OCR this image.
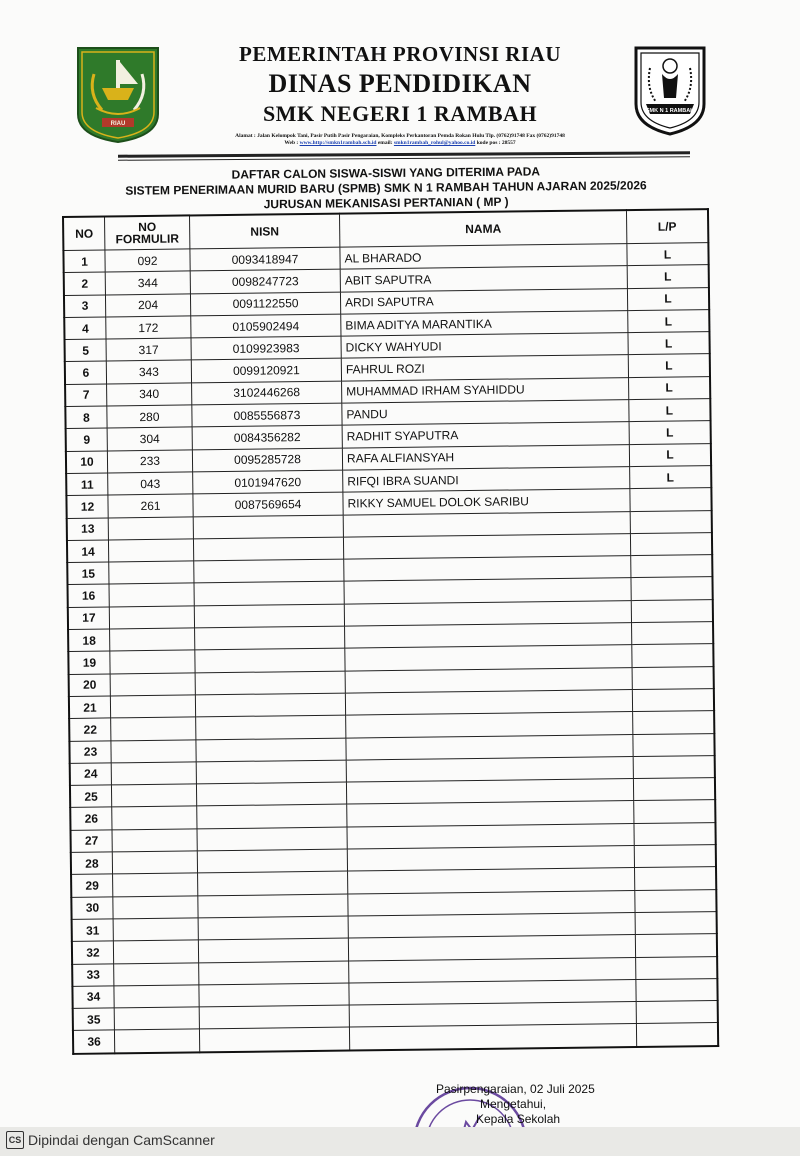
RIAU
PEMERINTAH PROVINSI RIAU
DINAS PENDIDIKAN
SMK NEGERI 1 RAMBAH
Alamat : Jalan Kelompok Tani, Pasir Putih Pasir Pengaraian, Kompleks Perkantoran Pemda Rokan Hulu Tlp. (0762)91748 Fax (0762)91748
Web : www.http://smkn1rambah.sch.id email: smkn1rambah_rohul@yahoo.co.id kode pos : 28557
SMK N 1 RAMBAH
DAFTAR CALON SISWA-SISWI YANG DITERIMA PADA
SISTEM PENERIMAAN MURID BARU (SPMB) SMK N 1 RAMBAH TAHUN AJARAN 2025/2026
JURUSAN MEKANISASI PERTANIAN ( MP )
NO	NO FORMULIR	NISN	NAMA	L/P
1	092	0093418947	AL BHARADO	L
2	344	0098247723	ABIT SAPUTRA	L
3	204	0091122550	ARDI SAPUTRA	L
4	172	0105902494	BIMA ADITYA MARANTIKA	L
5	317	0109923983	DICKY WAHYUDI	L
6	343	0099120921	FAHRUL ROZI	L
7	340	3102446268	MUHAMMAD IRHAM SYAHIDDU	L
8	280	0085556873	PANDU	L
9	304	0084356282	RADHIT SYAPUTRA	L
10	233	0095285728	RAFA ALFIANSYAH	L
11	043	0101947620	RIFQI IBRA SUANDI	L
12	261	0087569654	RIKKY SAMUEL DOLOK SARIBU	
13				
14				
15				
16				
17				
18				
19				
20				
21				
22				
23				
24				
25				
26				
27				
28				
29				
30				
31				
32				
33				
34				
35				
36				
Pasirpengaraian, 02 Juli 2025
Mengetahui,
Kepala Sekolah
CS Dipindai dengan CamScanner
